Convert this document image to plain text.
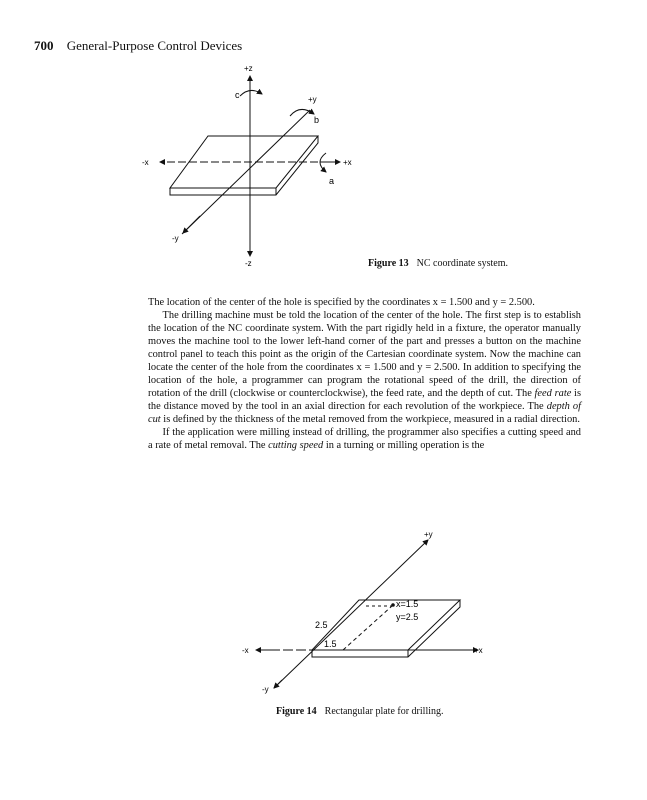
700 General-Purpose Control Devices
+z
-z
+x
-x
+y
-y
c
b
a
Figure 13 NC coordinate system.

The location of the center of the hole is specified by the coordinates x = 1.500 and y = 2.500.

The drilling machine must be told the location of the center of the hole. The first step is to establish the location of the NC coordinate system. With the part rigidly held in a fixture, the operator manually moves the machine tool to the lower left-hand corner of the part and presses a button on the machine control panel to teach this point as the origin of the Cartesian coordinate system. Now the machine can locate the center of the hole from the coordinates x = 1.500 and y = 2.500. In addition to specifying the location of the hole, a programmer can program the rotational speed of the drill, the direction of rotation of the drill (clockwise or counterclockwise), the feed rate, and the depth of cut. The feed rate is the distance moved by the tool in an axial direction for each revolution of the workpiece. The depth of cut is defined by the thickness of the metal removed from the workpiece, measured in a radial direction.

If the application were milling instead of drilling, the programmer also specifies a cutting speed and a rate of metal removal. The cutting speed in a turning or milling operation is the

+y
-y
+x
-x
2.5
1.5
x=1.5
y=2.5
Figure 14 Rectangular plate for drilling.
